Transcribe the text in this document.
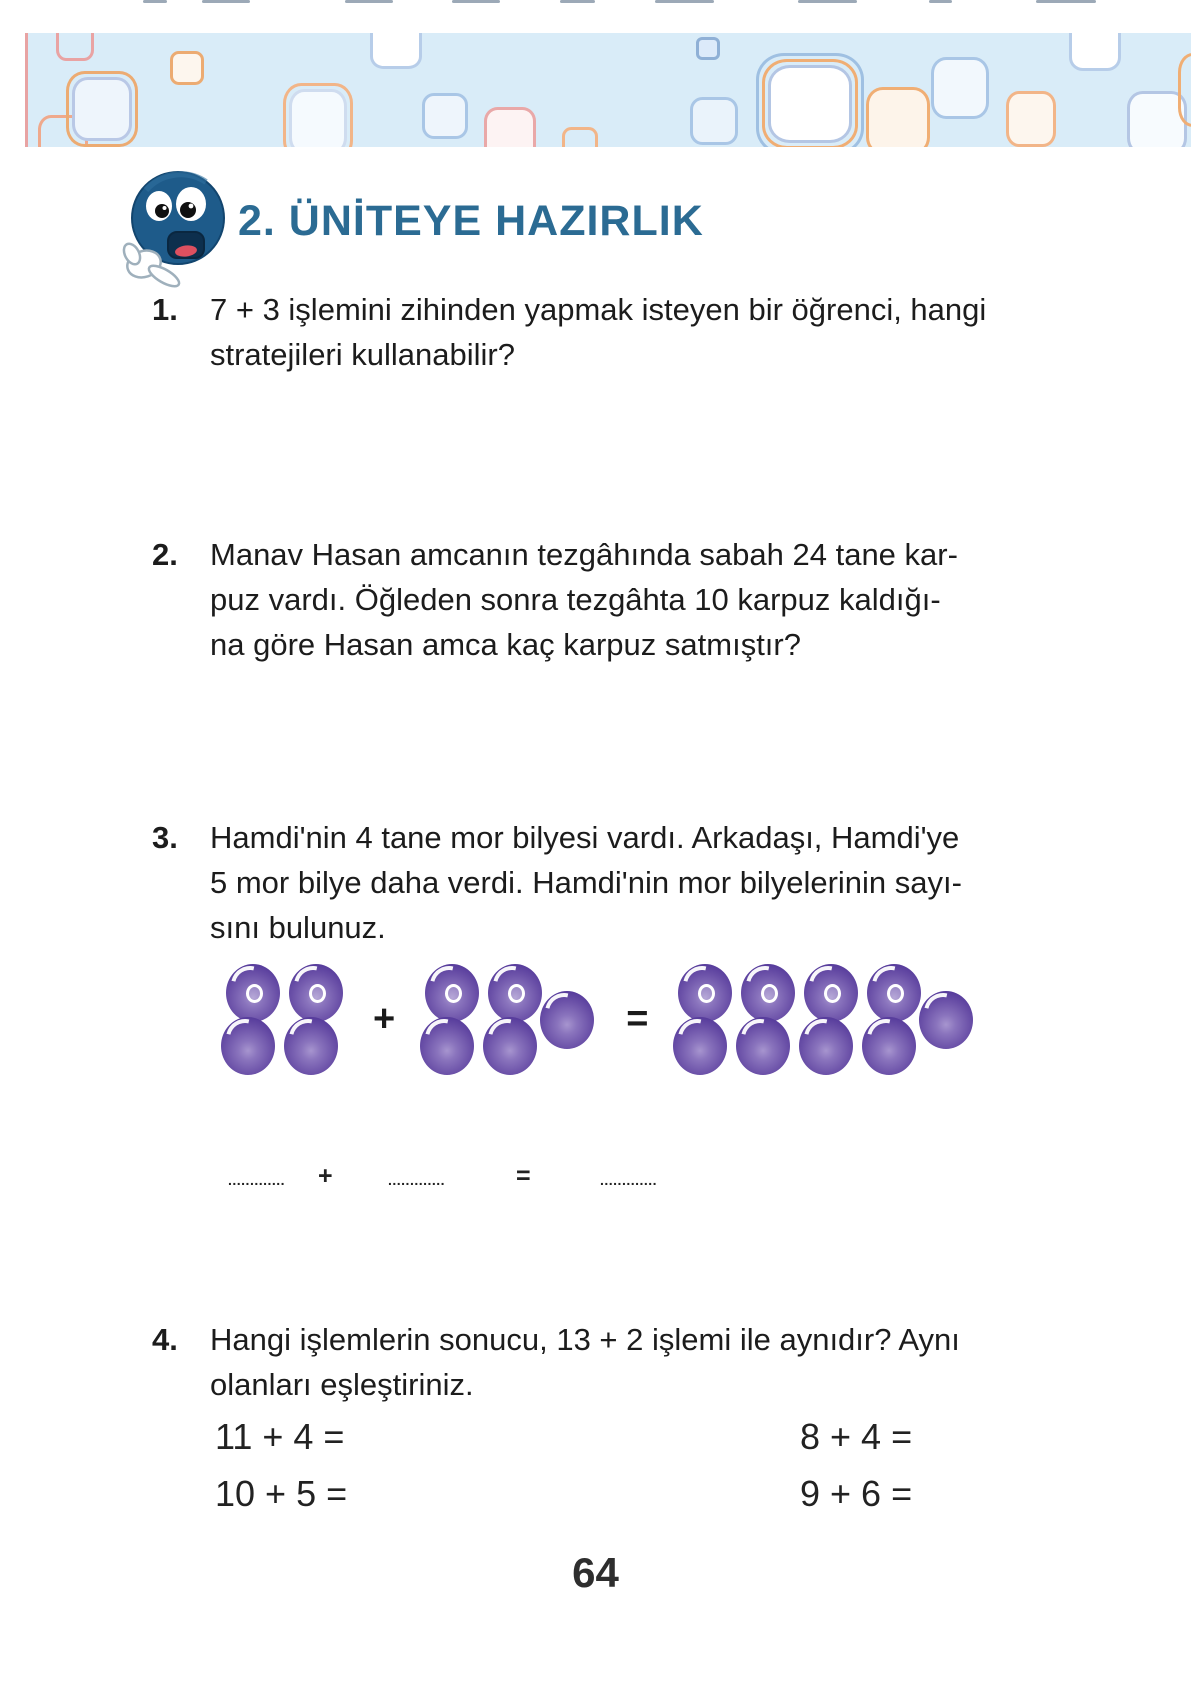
2. ÜNİTEYE HAZIRLIK
1. 7 + 3 işlemini zihinden yapmak isteyen bir öğrenci, hangi
stratejileri kullanabilir?
2. Manav Hasan amcanın tezgâhında sabah 24 tane kar-
puz vardı. Öğleden sonra tezgâhta 10 karpuz kaldığı-
na göre Hasan amca kaç karpuz satmıştır?
3. Hamdi'nin 4 tane mor bilyesi vardı. Arkadaşı, Hamdi'ye
5 mor bilye daha verdi. Hamdi'nin mor bilyelerinin sayı-
sını bulunuz.
+	=
............. +	.............	=	.............
4. Hangi işlemlerin sonucu, 13 + 2 işlemi ile aynıdır? Aynı
olanları eşleştiriniz.
11 + 4 =
10 + 5 =
8 + 4 =
9 + 6 =
64
